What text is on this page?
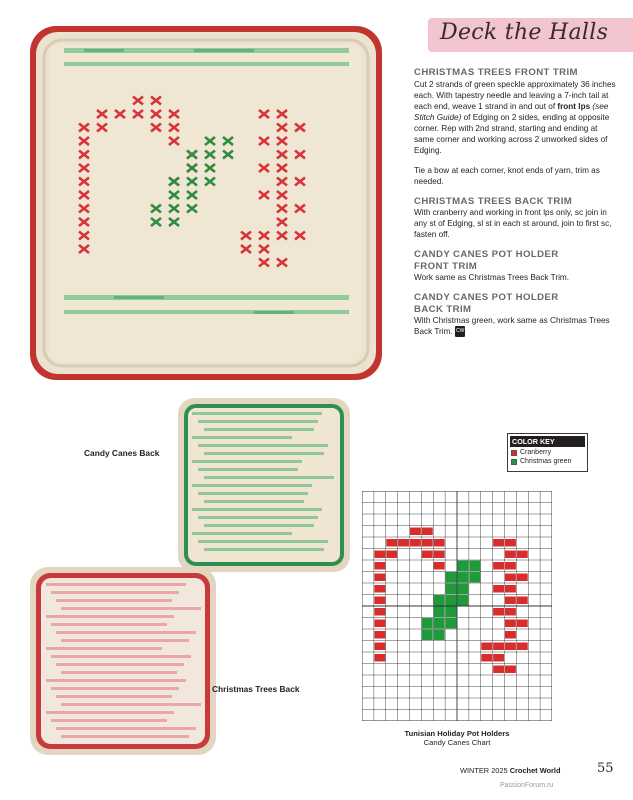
Deck the Halls
Candy Canes Back
Christmas Trees Back
CHRISTMAS TREES FRONT TRIM

Cut 2 strands of green speckle approximately 36 inches each. With tapestry needle and leaving a 7-inch tail at each end, weave 1 strand in and out of front lps (see Stitch Guide) of Edging on 2 sides, ending at opposite corner. Rep with 2nd strand, starting and ending at same corner and working across 2 unworked sides of Edging.

Tie a bow at each corner, knot ends of yarn, trim as needed.

CHRISTMAS TREES BACK TRIM

With cranberry and working in front lps only, sc join in any st of Edging, sl st in each st around, join to first sc, fasten off.

CANDY CANES POT HOLDER FRONT TRIM

Work same as Christmas Trees Back Trim.

CANDY CANES POT HOLDER BACK TRIM

With Christmas green, work same as Christmas Trees Back Trim. CW

COLOR KEY
Cranberry
Christmas green
Tunisian Holiday Pot Holders
Candy Canes Chart
WINTER 2025 Crochet World	55
PassionForum.ru
